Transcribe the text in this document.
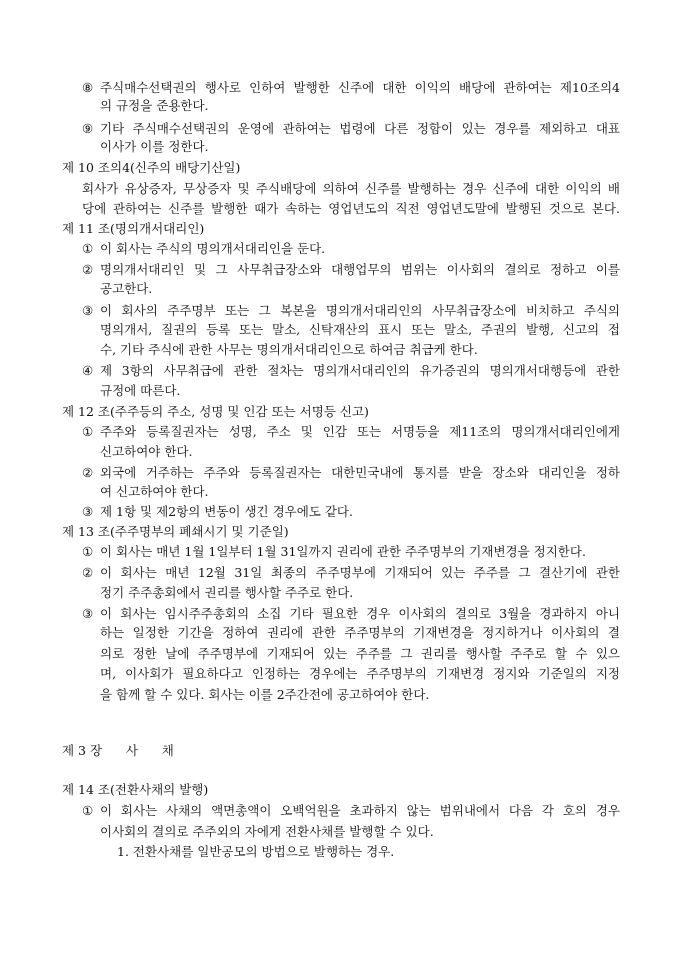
⑧ 주식매수선택권의 행사로 인하여 발행한 신주에 대한 이익의 배당에 관하여는 제10조의4
의 규정을 준용한다.
⑨ 기타 주식매수선택권의 운영에 관하여는 법령에 다른 정함이 있는 경우를 제외하고 대표
이사가 이를 정한다.
제 10 조의4(신주의 배당기산일)
회사가 유상증자, 무상증자 및 주식배당에 의하여 신주를 발행하는 경우 신주에 대한 이익의 배
당에 관하여는 신주를 발행한 때가 속하는 영업년도의 직전 영업년도말에 발행된 것으로 본다.
제 11 조(명의개서대리인)
① 이 회사는 주식의 명의개서대리인을 둔다.
② 명의개서대리인 및 그 사무취급장소와 대행업무의 범위는 이사회의 결의로 정하고 이를
공고한다.
③ 이 회사의 주주명부 또는 그 복본을 명의개서대리인의 사무취급장소에 비치하고 주식의
명의개서, 질권의 등록 또는 말소, 신탁재산의 표시 또는 말소, 주권의 발행, 신고의 접
수, 기타 주식에 관한 사무는 명의개서대리인으로 하여금 취급케 한다.
④ 제 3항의 사무취급에 관한 절차는 명의개서대리인의 유가증권의 명의개서대행등에 관한
규정에 따른다.
제 12 조(주주등의 주소, 성명 및 인감 또는 서명등 신고)
① 주주와 등록질권자는 성명, 주소 및 인감 또는 서명등을 제11조의 명의개서대리인에게
신고하여야 한다.
② 외국에 거주하는 주주와 등록질권자는 대한민국내에 통지를 받을 장소와 대리인을 정하
여 신고하여야 한다.
③ 제 1항 및 제2항의 변동이 생긴 경우에도 같다.
제 13 조(주주명부의 폐쇄시기 및 기준일)
① 이 회사는 매년 1월 1일부터 1월 31일까지 권리에 관한 주주명부의 기재변경을 정지한다.
② 이 회사는 매년 12월 31일 최종의 주주명부에 기재되어 있는 주주를 그 결산기에 관한
정기 주주총회에서 권리를 행사할 주주로 한다.
③ 이 회사는 임시주주총회의 소집 기타 필요한 경우 이사회의 결의로 3월을 경과하지 아니
하는 일정한 기간을 정하여 권리에 관한 주주명부의 기재변경을 정지하거나 이사회의 결
의로 정한 날에 주주명부에 기재되어 있는 주주를 그 권리를 행사할 주주로 할 수 있으
며, 이사회가 필요하다고 인정하는 경우에는 주주명부의 기재변경 정지와 기준일의 지정
을 함께 할 수 있다. 회사는 이를 2주간전에 공고하여야 한다.
제 3 장      사      채
제 14 조(전환사채의 발행)
① 이 회사는 사채의 액면총액이 오백억원을 초과하지 않는 범위내에서 다음 각 호의 경우
이사회의 결의로 주주외의 자에게 전환사채를 발행할 수 있다.
1. 전환사채를 일반공모의 방법으로 발행하는 경우.
